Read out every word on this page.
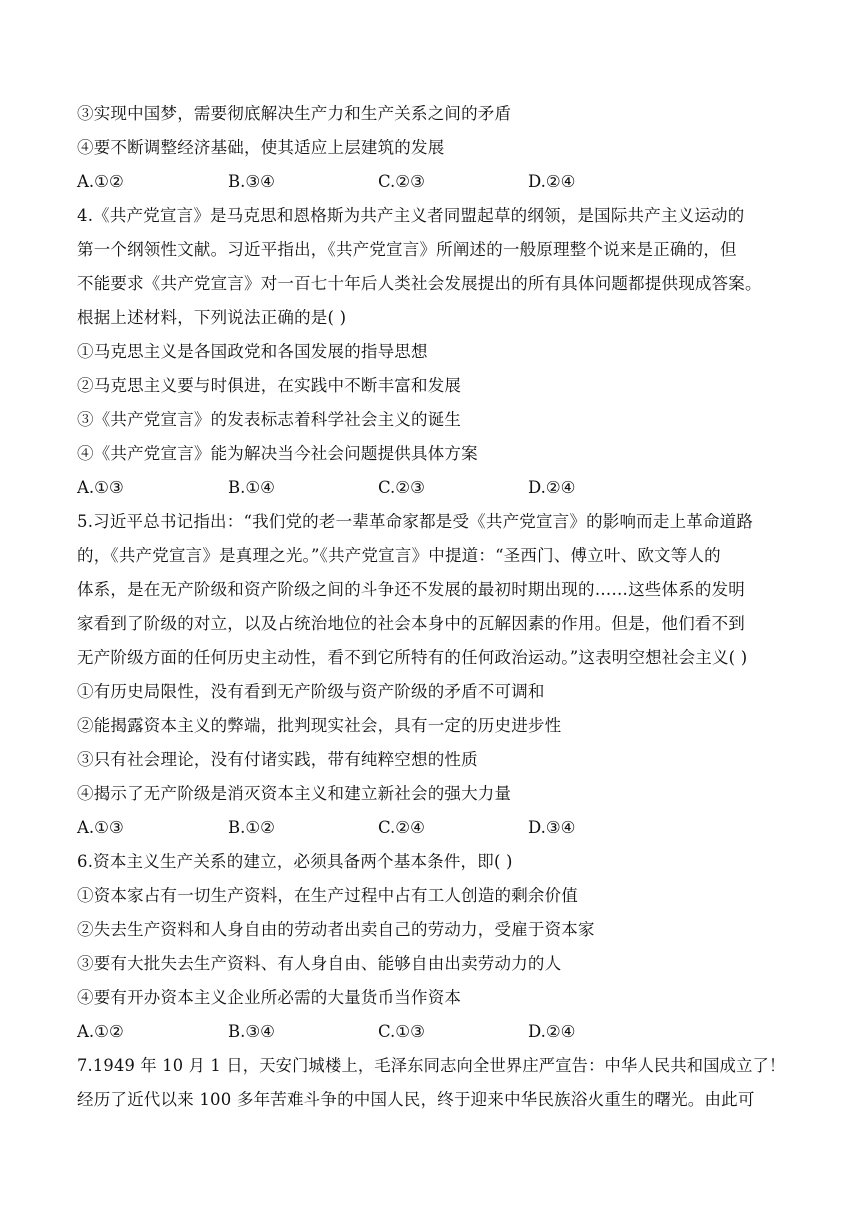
③实现中国梦，需要彻底解决生产力和生产关系之间的矛盾
④要不断调整经济基础，使其适应上层建筑的发展
A.①②	B.③④	C.②③	D.②④
4.《共产党宣言》是马克思和恩格斯为共产主义者同盟起草的纲领，是国际共产主义运动的
第一个纲领性文献。习近平指出，《共产党宣言》所阐述的一般原理整个说来是正确的，但
不能要求《共产党宣言》对一百七十年后人类社会发展提出的所有具体问题都提供现成答案。
根据上述材料，下列说法正确的是( )
①马克思主义是各国政党和各国发展的指导思想
②马克思主义要与时俱进，在实践中不断丰富和发展
③《共产党宣言》的发表标志着科学社会主义的诞生
④《共产党宣言》能为解决当今社会问题提供具体方案
A.①③	B.①④	C.②③	D.②④
5.习近平总书记指出：“我们党的老一辈革命家都是受《共产党宣言》的影响而走上革命道路
的，《共产党宣言》是真理之光。”《共产党宣言》中提道：“圣西门、傅立叶、欧文等人的
体系，是在无产阶级和资产阶级之间的斗争还不发展的最初时期出现的……这些体系的发明
家看到了阶级的对立，以及占统治地位的社会本身中的瓦解因素的作用。但是，他们看不到
无产阶级方面的任何历史主动性，看不到它所特有的任何政治运动。”这表明空想社会主义( )
①有历史局限性，没有看到无产阶级与资产阶级的矛盾不可调和
②能揭露资本主义的弊端，批判现实社会，具有一定的历史进步性
③只有社会理论，没有付诸实践，带有纯粹空想的性质
④揭示了无产阶级是消灭资本主义和建立新社会的强大力量
A.①③	B.①②	C.②④	D.③④
6.资本主义生产关系的建立，必须具备两个基本条件，即( )
①资本家占有一切生产资料，在生产过程中占有工人创造的剩余价值
②失去生产资料和人身自由的劳动者出卖自己的劳动力，受雇于资本家
③要有大批失去生产资料、有人身自由、能够自由出卖劳动力的人
④要有开办资本主义企业所必需的大量货币当作资本
A.①②	B.③④	C.①③	D.②④
7.1949 年 10 月 1 日，天安门城楼上，毛泽东同志向全世界庄严宣告：中华人民共和国成立了！
经历了近代以来 100 多年苦难斗争的中国人民，终于迎来中华民族浴火重生的曙光。由此可
